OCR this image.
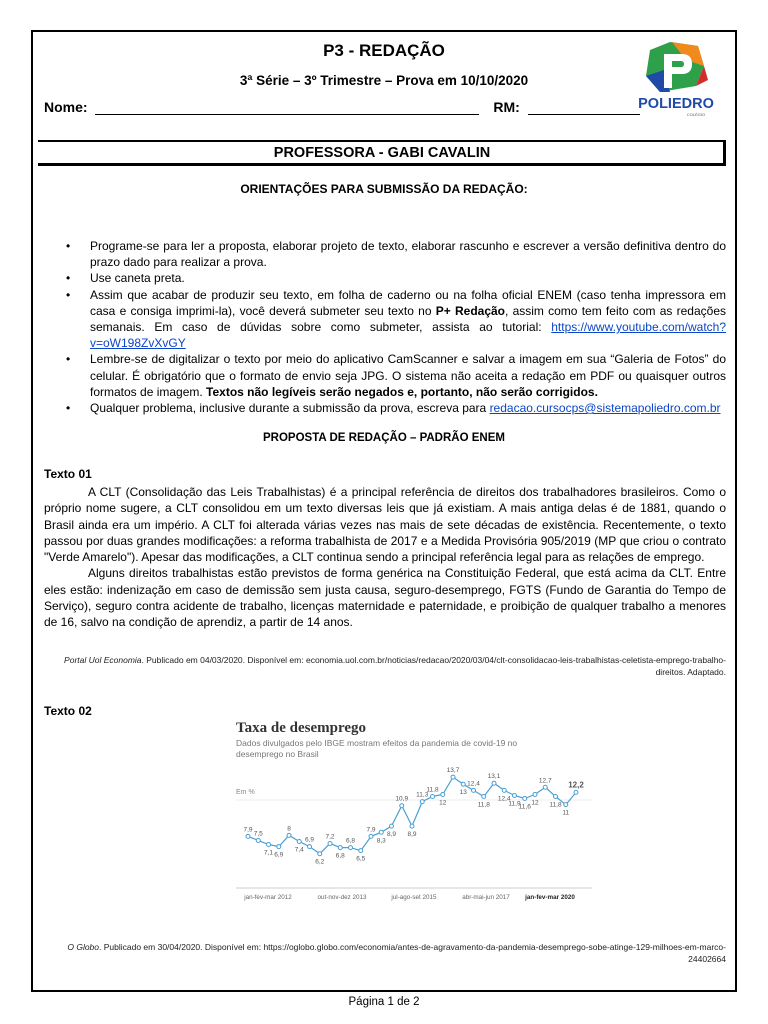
P3 - REDAÇÃO
3ª Série – 3º Trimestre – Prova em 10/10/2020
Nome:	RM:	POLIEDRO
COLÉGIO
PROFESSORA - GABI CAVALIN
ORIENTAÇÕES PARA SUBMISSÃO DA REDAÇÃO:
• Programe-se para ler a proposta, elaborar projeto de texto, elaborar rascunho e escrever a versão definitiva dentro do prazo dado para realizar a prova.
• Use caneta preta.
• Assim que acabar de produzir seu texto, em folha de caderno ou na folha oficial ENEM (caso tenha impressora em casa e consiga imprimi-la), você deverá submeter seu texto no P+ Redação, assim como tem feito com as redações semanais. Em caso de dúvidas sobre como submeter, assista ao tutorial: https://www.youtube.com/watch?v=oW198ZvXvGY
• Lembre-se de digitalizar o texto por meio do aplicativo CamScanner e salvar a imagem em sua “Galeria de Fotos” do celular. É obrigatório que o formato de envio seja JPG. O sistema não aceita a redação em PDF ou quaisquer outros formatos de imagem. Textos não legíveis serão negados e, portanto, não serão corrigidos.
• Qualquer problema, inclusive durante a submissão da prova, escreva para redacao.cursocps@sistemapoliedro.com.br
PROPOSTA DE REDAÇÃO – PADRÃO ENEM
Texto 01

A CLT (Consolidação das Leis Trabalhistas) é a principal referência de direitos dos trabalhadores brasileiros. Como o próprio nome sugere, a CLT consolidou em um texto diversas leis que já existiam. A mais antiga delas é de 1881, quando o Brasil ainda era um império. A CLT foi alterada várias vezes nas mais de sete décadas de existência. Recentemente, o texto passou por duas grandes modificações: a reforma trabalhista de 2017 e a Medida Provisória 905/2019 (MP que criou o contrato "Verde Amarelo"). Apesar das modificações, a CLT continua sendo a principal referência legal para as relações de emprego.

Alguns direitos trabalhistas estão previstos de forma genérica na Constituição Federal, que está acima da CLT. Entre eles estão: indenização em caso de demissão sem justa causa, seguro-desemprego, FGTS (Fundo de Garantia do Tempo de Serviço), seguro contra acidente de trabalho, licenças maternidade e paternidade, e proibição de qualquer trabalho a menores de 16, salvo na condição de aprendiz, a partir de 14 anos.

Portal Uol Economia. Publicado em 04/03/2020. Disponível em: economia.uol.com.br/noticias/redacao/2020/03/04/clt-consolidacao-leis-trabalhistas-celetista-emprego-trabalho-direitos. Adaptado.
Texto 02
Taxa de desemprego
Dados divulgados pelo IBGE mostram efeitos da pandemia de covid-19 no desemprego no Brasil
Em %
jan-fev-mar 2012	out-nov-dez 2013	jul-ago-set 2015	abr-mai-jun 2017 jan-fev-mar 2020
7,9
7,5
7,1 6,9
8
7,4
6,9
6,2
7,2
6,8
6,8
6,5
7,9
8,3
8,9
10,9
8,9
11,3
11,8
12
13,7
13
12,4
11,8
13,1
12,4
11,9
11,6
12
12,7
11,8
11
12,2
O Globo. Publicado em 30/04/2020. Disponível em: https://oglobo.globo.com/economia/antes-de-agravamento-da-pandemia-desemprego-sobe-atinge-129-milhoes-em-marco-24402664
Página 1 de 2
